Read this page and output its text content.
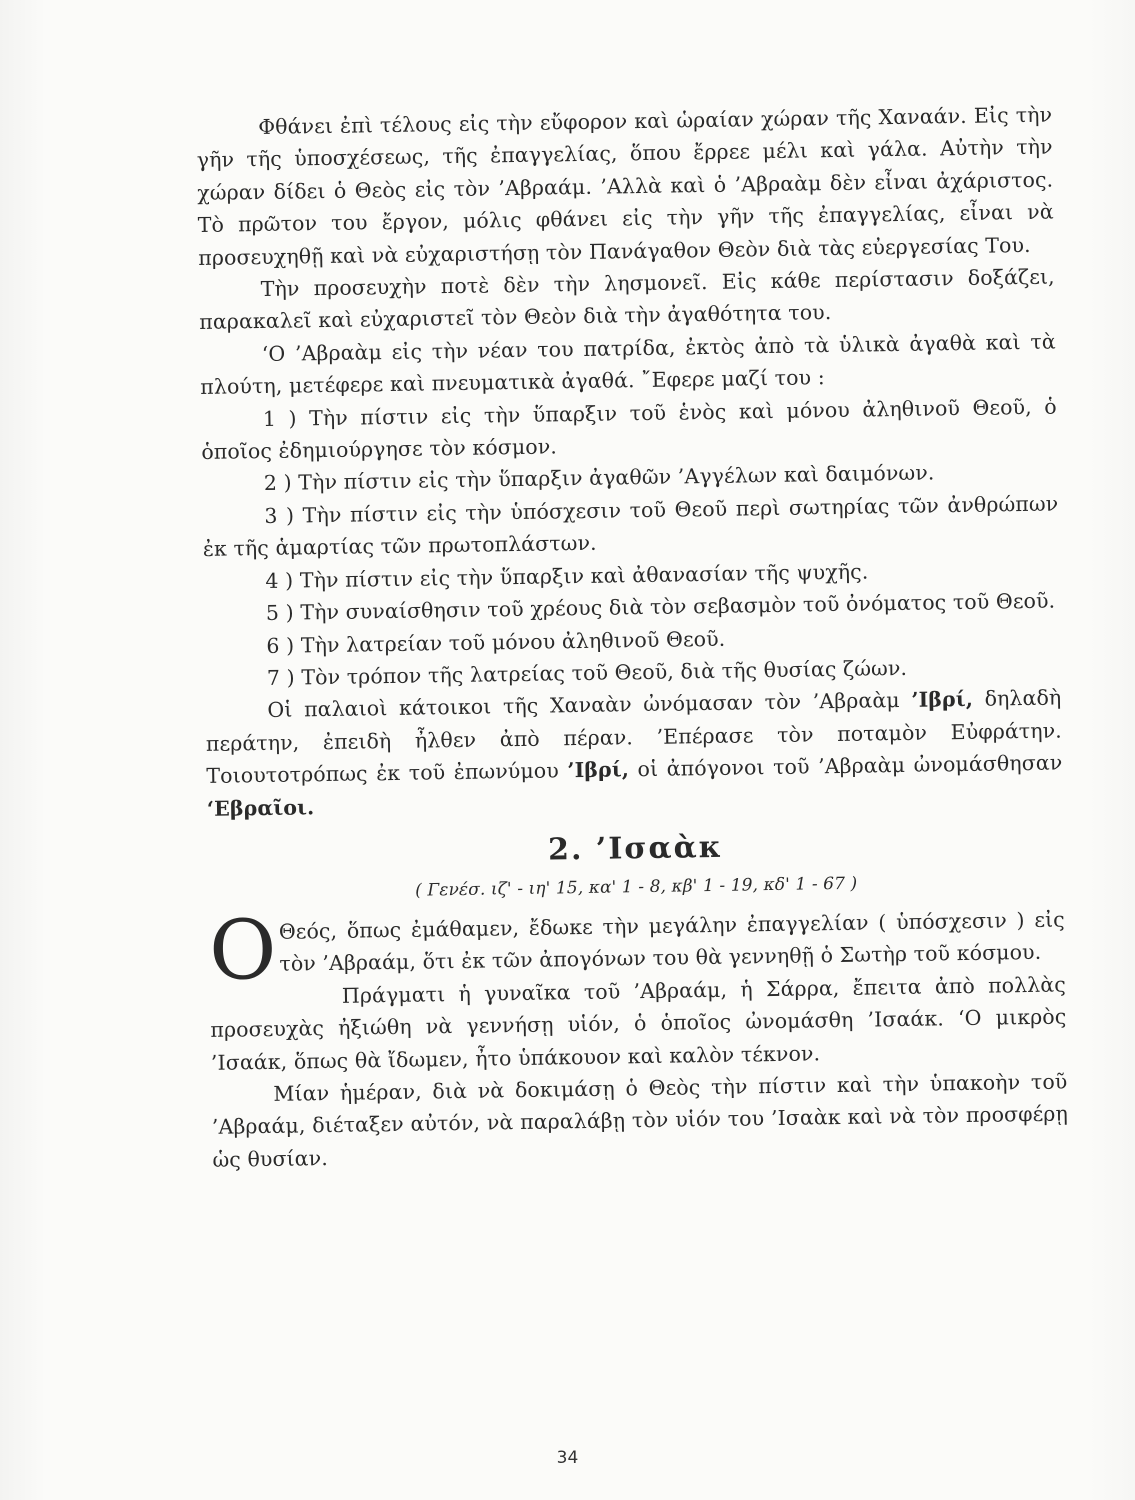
Φθάνει ἐπὶ τέλους εἰς τὴν εὔφορον καὶ ὡραίαν χώραν τῆς Χαναάν. Εἰς τὴν γῆν τῆς ὑποσχέσεως, τῆς ἐπαγγελίας, ὅπου ἔρρεε μέλι καὶ γάλα. Αὐτὴν τὴν χώραν δίδει ὁ Θεὸς εἰς τὸν ’Αβραάμ. ’Αλλὰ καὶ ὁ ’Αβραὰμ δὲν εἶναι ἀχάριστος. Τὸ πρῶτον του ἔργον, μόλις φθάνει εἰς τὴν γῆν τῆς ἐπαγγελίας, εἶναι νὰ προσευχηθῇ καὶ νὰ εὐχαριστήσῃ τὸν Πανάγαθον Θεὸν διὰ τὰς εὐεργεσίας Του.

Τὴν προσευχὴν ποτὲ δὲν τὴν λησμονεῖ. Εἰς κάθε περίστασιν δοξάζει, παρακαλεῖ καὶ εὐχαριστεῖ τὸν Θεὸν διὰ τὴν ἀγαθότητα του.

‘Ο ’Αβραὰμ εἰς τὴν νέαν του πατρίδα, ἐκτὸς ἀπὸ τὰ ὑλικὰ ἀγαθὰ καὶ τὰ πλούτη, μετέφερε καὶ πνευματικὰ ἀγαθά. ῎Εφερε μαζί του :

1 ) Τὴν πίστιν εἰς τὴν ὕπαρξιν τοῦ ἑνὸς καὶ μόνου ἀληθινοῦ Θεοῦ, ὁ ὁποῖος ἐδημιούργησε τὸν κόσμον.

2 ) Τὴν πίστιν εἰς τὴν ὕπαρξιν ἀγαθῶν ’Αγγέλων καὶ δαιμόνων.

3 ) Τὴν πίστιν εἰς τὴν ὑπόσχεσιν τοῦ Θεοῦ περὶ σωτηρίας τῶν ἀνθρώπων ἐκ τῆς ἁμαρτίας τῶν πρωτοπλάστων.

4 ) Τὴν πίστιν εἰς τὴν ὕπαρξιν καὶ ἀθανασίαν τῆς ψυχῆς.

5 ) Τὴν συναίσθησιν τοῦ χρέους διὰ τὸν σεβασμὸν τοῦ ὀνόματος τοῦ Θεοῦ.

6 ) Τὴν λατρείαν τοῦ μόνου ἀληθινοῦ Θεοῦ.

7 ) Τὸν τρόπον τῆς λατρείας τοῦ Θεοῦ, διὰ τῆς θυσίας ζώων.

Οἱ παλαιοὶ κάτοικοι τῆς Χαναὰν ὠνόμασαν τὸν ’Αβραὰμ ’Ιβρί, δηλαδὴ περάτην, ἐπειδὴ ἦλθεν ἀπὸ πέραν. ’Επέρασε τὸν ποταμὸν Εὐφράτην. Τοιουτοτρόπως ἐκ τοῦ ἐπωνύμου ’Ιβρί, οἱ ἀπόγονοι τοῦ ’Αβραὰμ ὠνομάσθησαν ‘Εβραῖοι.

2. ’Ισαὰκ
( Γενέσ. ιζ' - ιη' 15, κα' 1 - 8, κβ' 1 - 19, κδ' 1 - 67 )

Ο Θεός, ὅπως ἐμάθαμεν, ἔδωκε τὴν μεγάλην ἐπαγγελίαν ( ὑπόσχεσιν ) εἰς τὸν ’Αβραάμ, ὅτι ἐκ τῶν ἀπογόνων του θὰ γεννηθῇ ὁ Σωτὴρ τοῦ κόσμου.

Πράγματι ἡ γυναῖκα τοῦ ’Αβραάμ, ἡ Σάρρα, ἔπειτα ἀπὸ πολλὰς προσευχὰς ἠξιώθη νὰ γεννήσῃ υἱόν, ὁ ὁποῖος ὠνομάσθη ’Ισαάκ. ‘Ο μικρὸς ’Ισαάκ, ὅπως θὰ ἴδωμεν, ἦτο ὑπάκουον καὶ καλὸν τέκνον.

Μίαν ἡμέραν, διὰ νὰ δοκιμάσῃ ὁ Θεὸς τὴν πίστιν καὶ τὴν ὑπακοὴν τοῦ ’Αβραάμ, διέταξεν αὐτόν, νὰ παραλάβῃ τὸν υἱόν του ’Ισαὰκ καὶ νὰ τὸν προσφέρῃ ὡς θυσίαν.

34
